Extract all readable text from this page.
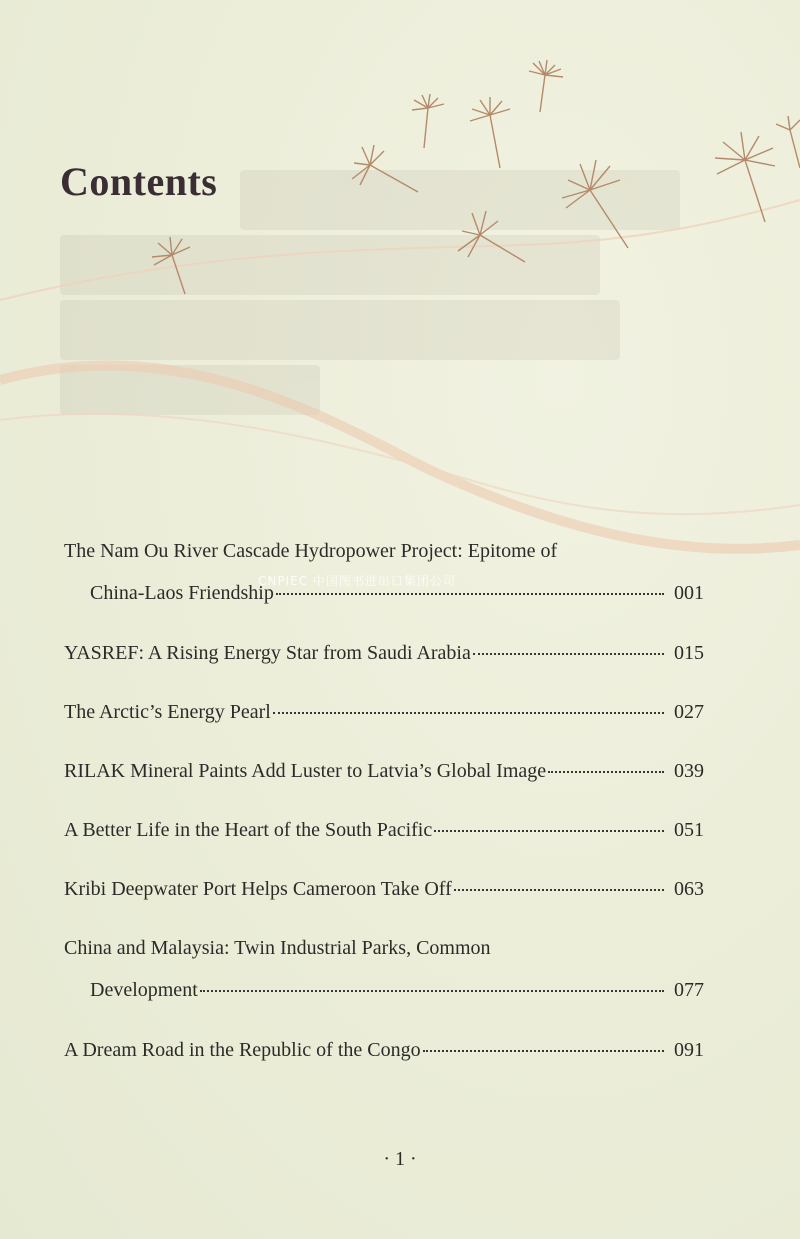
Contents
CNPIEC 中国图书进出口集团公司
The Nam Ou River Cascade Hydropower Project: Epitome of
China-Laos Friendship	001
YASREF: A Rising Energy Star from Saudi Arabia	015
The Arctic’s Energy Pearl	027
RILAK Mineral Paints Add Luster to Latvia’s Global Image	039
A Better Life in the Heart of the South Pacific	051
Kribi Deepwater Port Helps Cameroon Take Off	063
China and Malaysia: Twin Industrial Parks, Common
Development	077
A Dream Road in the Republic of the Congo	091
· 1 ·
